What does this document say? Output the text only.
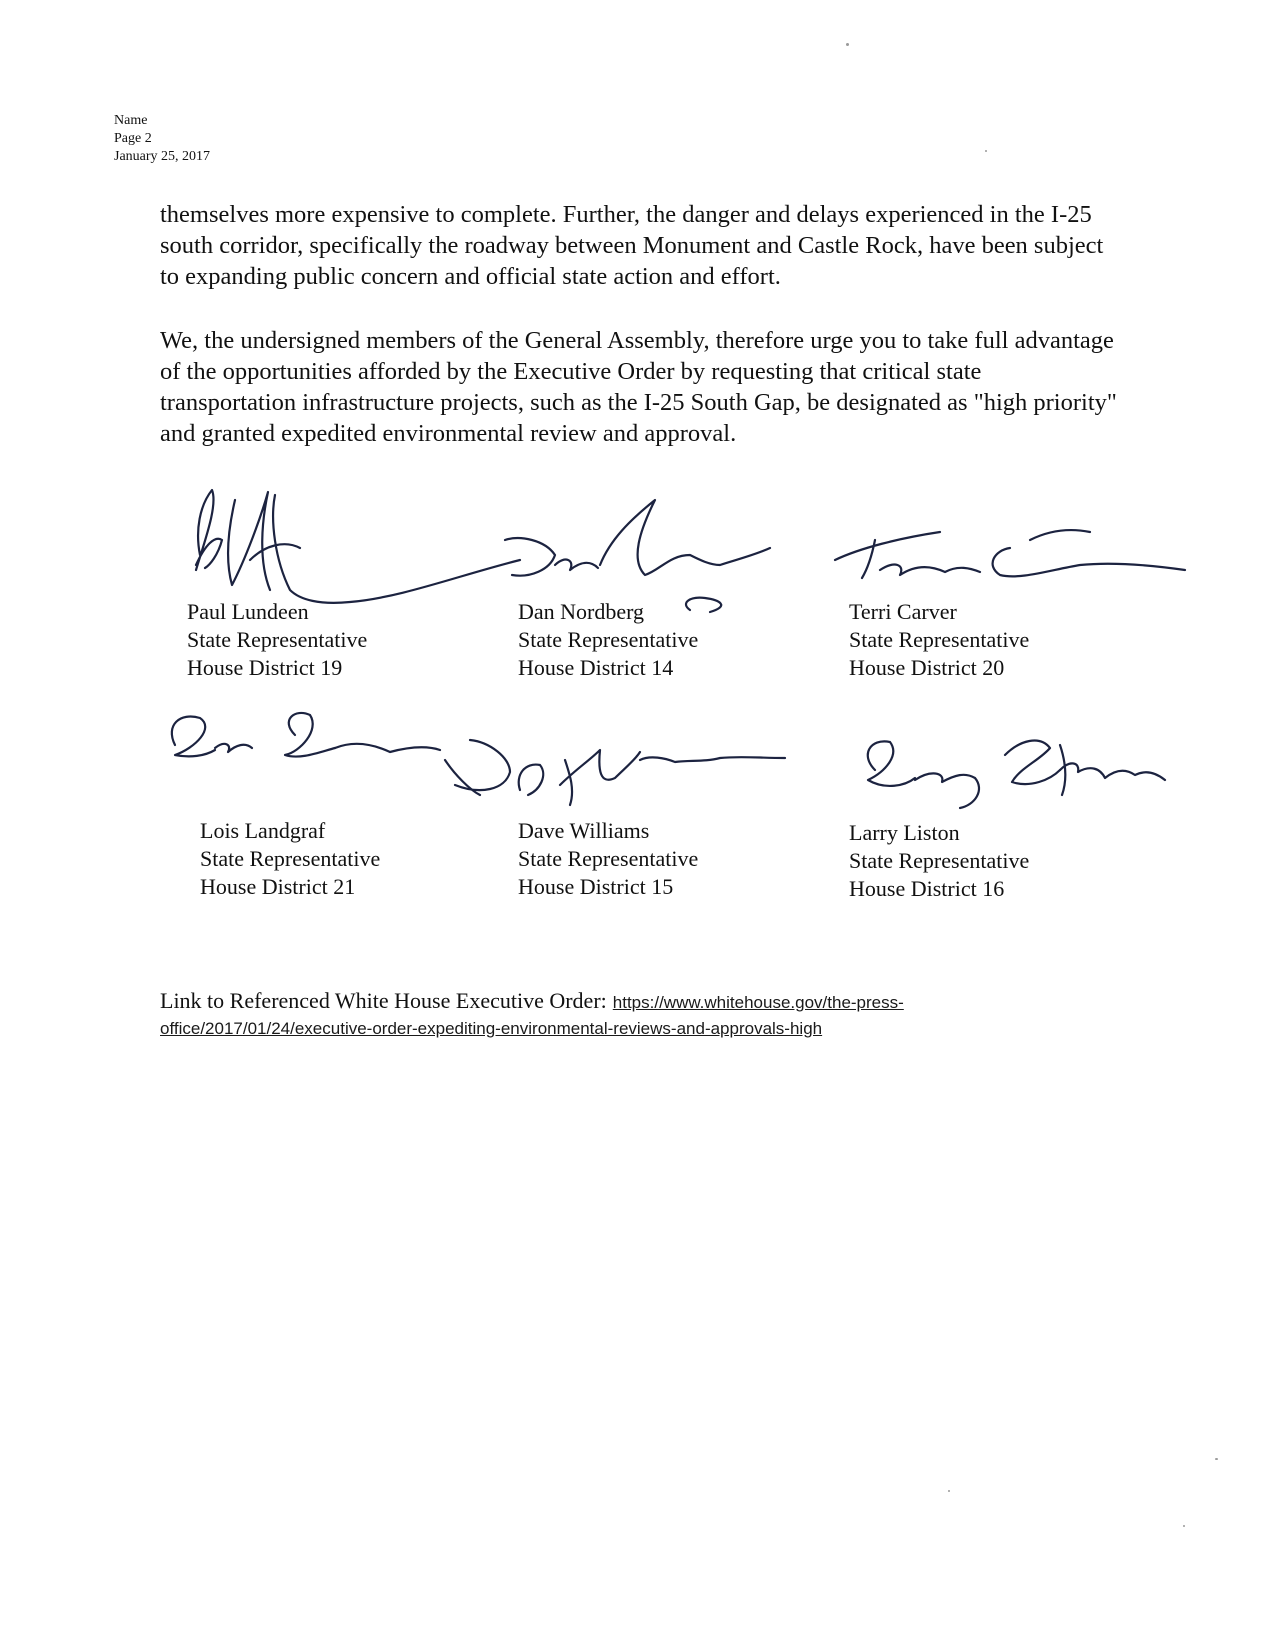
Name
Page 2
January 25, 2017

themselves more expensive to complete. Further, the danger and delays experienced in the I-25 south corridor, specifically the roadway between Monument and Castle Rock, have been subject to expanding public concern and official state action and effort.

We, the undersigned members of the General Assembly, therefore urge you to take full advantage of the opportunities afforded by the Executive Order by requesting that critical state transportation infrastructure projects, such as the I-25 South Gap, be designated as "high priority" and granted expedited environmental review and approval.

Paul Lundeen
State Representative
House District 19
Dan Nordberg
State Representative
House District 14
Terri Carver
State Representative
House District 20
Lois Landgraf
State Representative
House District 21
Dave Williams
State Representative
House District 15
Larry Liston
State Representative
House District 16
Link to Referenced White House Executive Order: https://www.whitehouse.gov/the-press-
office/2017/01/24/executive-order-expediting-environmental-reviews-and-approvals-high
